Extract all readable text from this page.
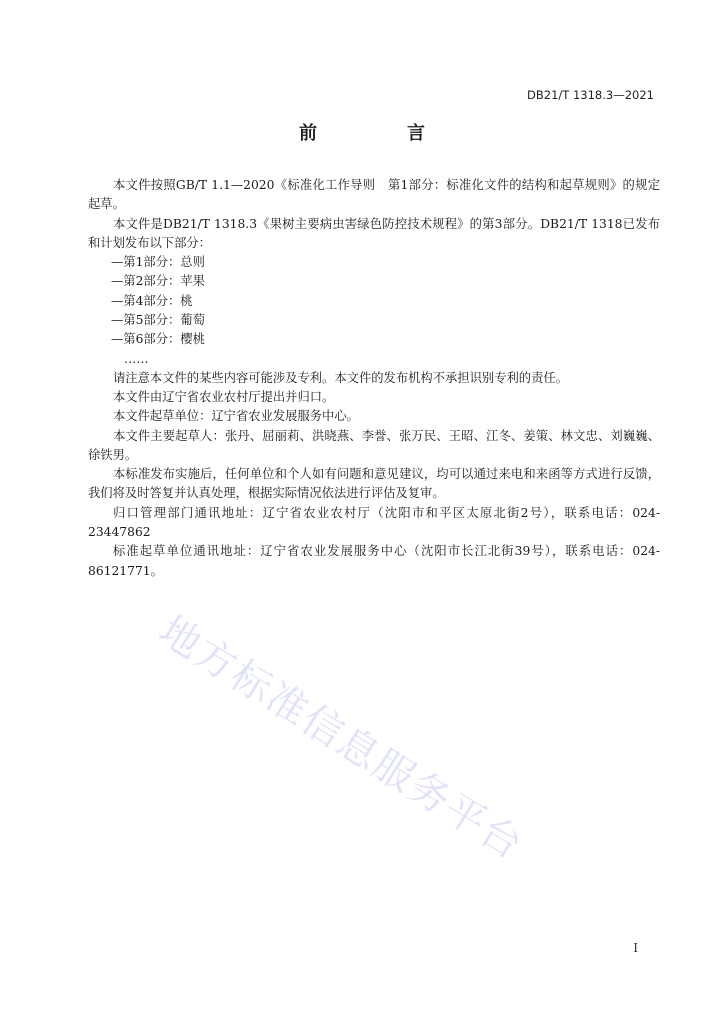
DB21/T 1318.3—2021
前　言
本文件按照GB/T 1.1—2020《标准化工作导则　第1部分：标准化文件的结构和起草规则》的规定起草。
本文件是DB21/T 1318.3《果树主要病虫害绿色防控技术规程》的第3部分。DB21/T 1318已发布和计划发布以下部分：
—第1部分：总则
—第2部分：苹果
—第4部分：桃
—第5部分：葡萄
—第6部分：樱桃
……
请注意本文件的某些内容可能涉及专利。本文件的发布机构不承担识别专利的责任。
本文件由辽宁省农业农村厅提出并归口。
本文件起草单位：辽宁省农业发展服务中心。
本文件主要起草人：张丹、屈丽莉、洪晓燕、李誉、张万民、王昭、江冬、姜策、林文忠、刘巍巍、徐铁男。
本标准发布实施后，任何单位和个人如有问题和意见建议，均可以通过来电和来函等方式进行反馈，我们将及时答复并认真处理，根据实际情况依法进行评估及复审。
归口管理部门通讯地址：辽宁省农业农村厅（沈阳市和平区太原北街2号），联系电话：024-23447862
标准起草单位通讯地址：辽宁省农业发展服务中心（沈阳市长江北街39号），联系电话：024-86121771。
地方标准信息服务平台
I
